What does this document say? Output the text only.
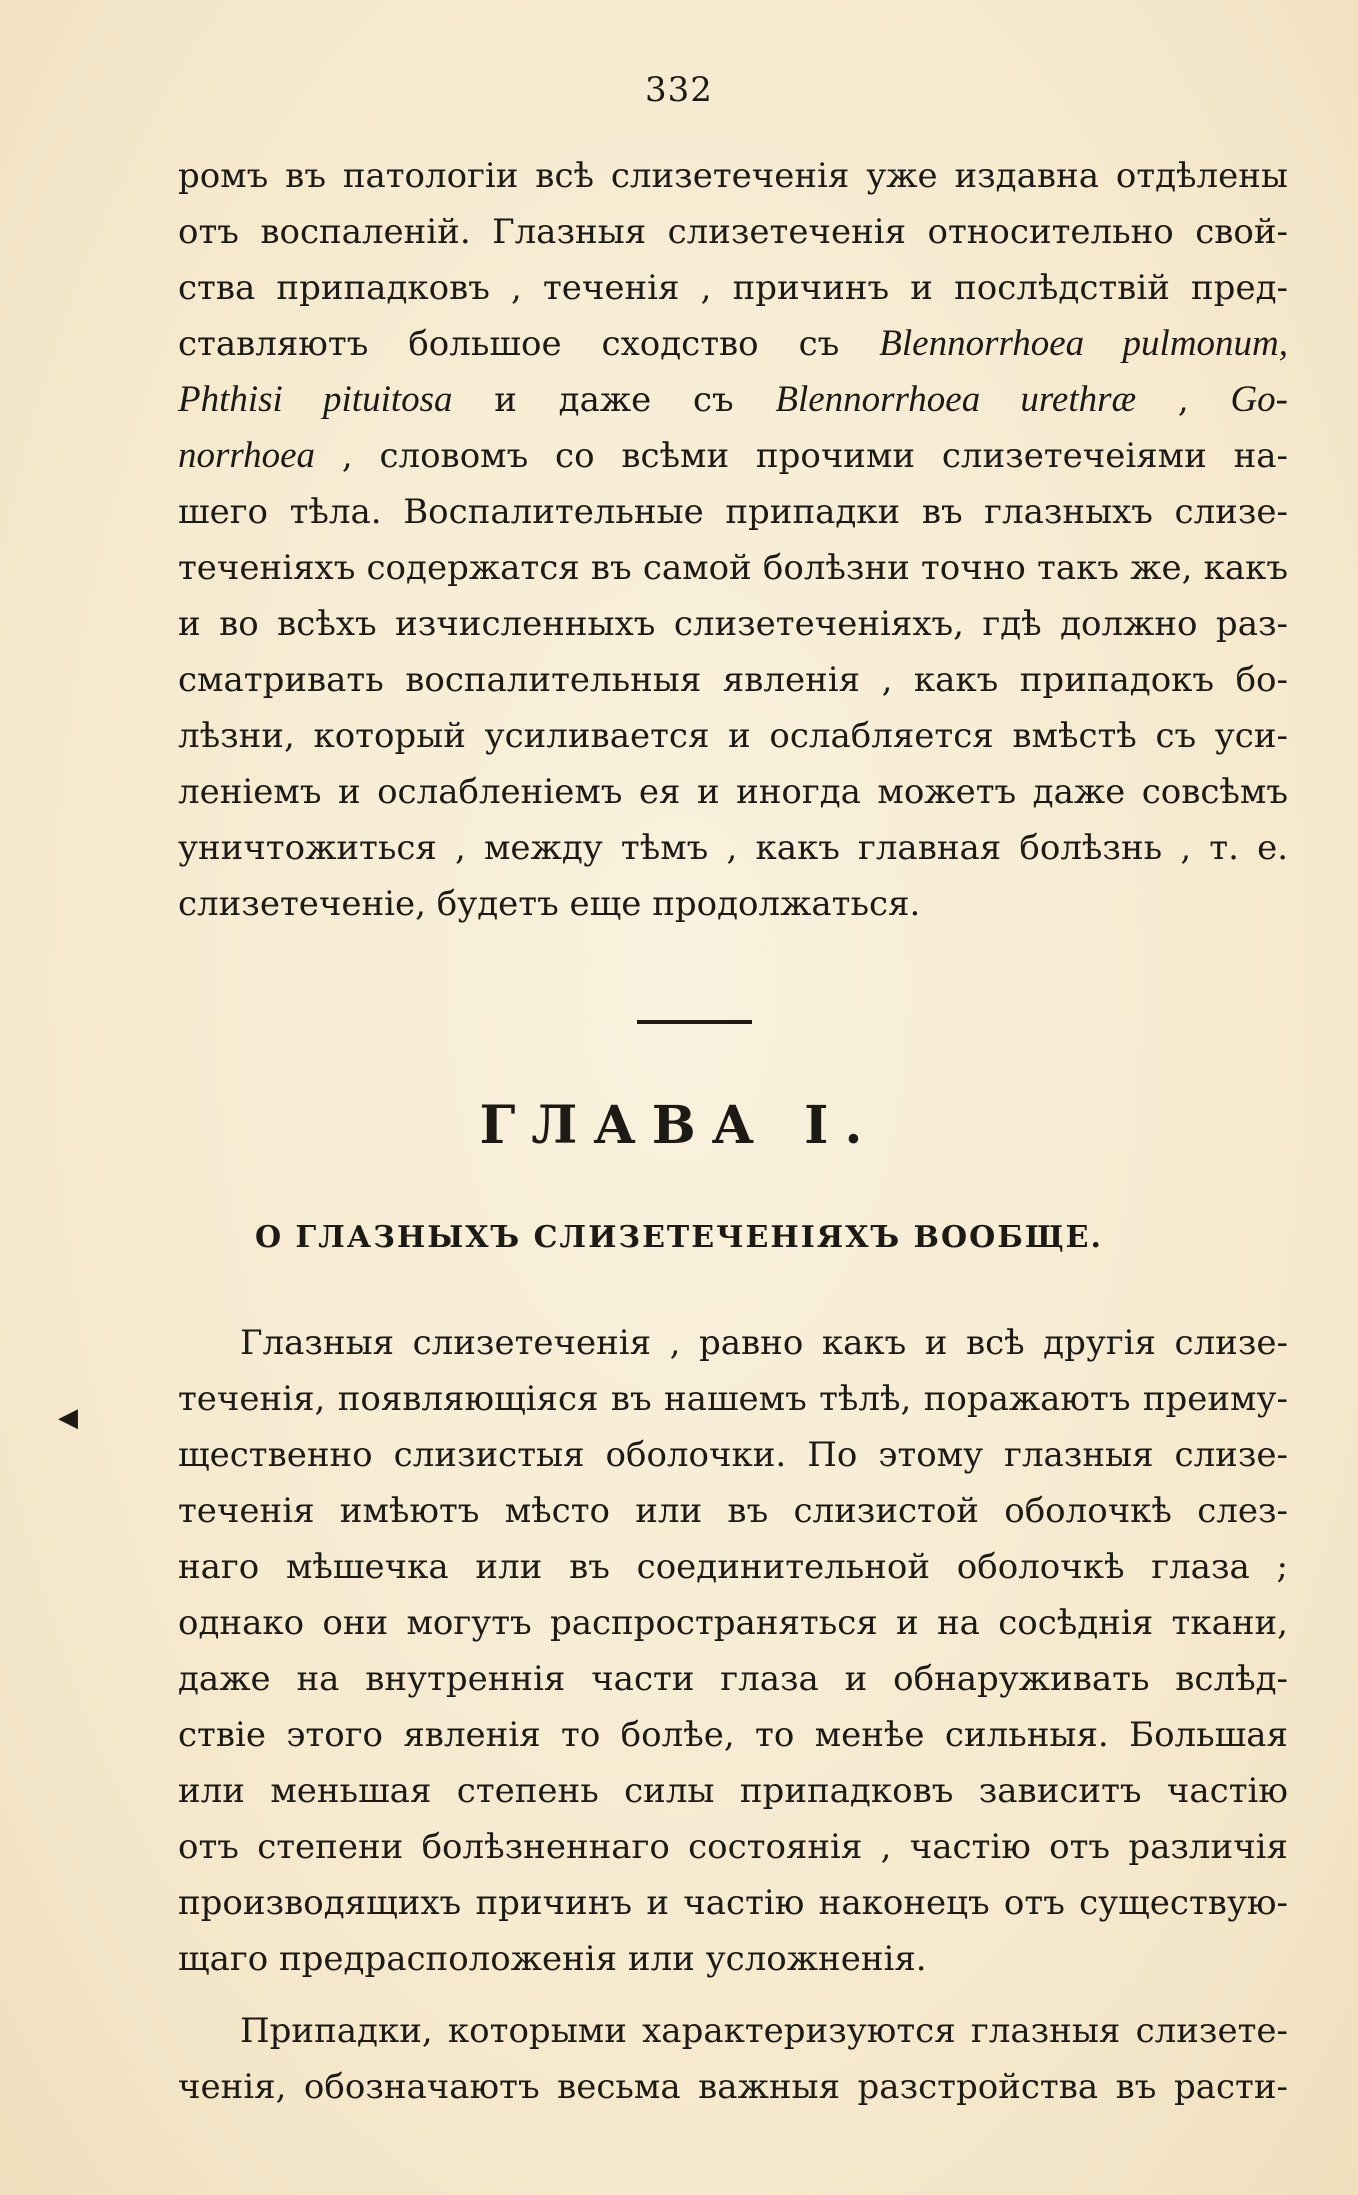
332
ромъ въ патологіи всѣ слизетеченія уже издавна отдѣлены
отъ воспаленій. Глазныя слизетеченія относительно свой-
ства припадковъ , теченія , причинъ и послѣдствій пред-
ставляютъ большое сходство съ Blennorrhoea pulmonum,
Phthisi pituitosa и даже съ Blennorrhoea urethræ , Go-
norrhoea , словомъ со всѣми прочими слизетечеіями на-
шего тѣла. Воспалительные припадки въ глазныхъ слизе-
теченіяхъ содержатся въ самой болѣзни точно такъ же, какъ
и во всѣхъ изчисленныхъ слизетеченіяхъ, гдѣ должно раз-
сматривать воспалительныя явленія , какъ припадокъ бо-
лѣзни, который усиливается и ослабляется вмѣстѣ съ уси-
леніемъ и ослабленіемъ ея и иногда можетъ даже совсѣмъ
уничтожиться , между тѣмъ , какъ главная болѣзнь , т. е.
слизетеченіе, будетъ еще продолжаться.
ГЛАВА I.
О ГЛАЗНЫХЪ СЛИЗЕТЕЧЕНІЯХЪ ВООБЩЕ.
◀
Глазныя слизетеченія , равно какъ и всѣ другія слизе-
теченія, появляющіяся въ нашемъ тѣлѣ, поражаютъ преиму-
щественно слизистыя оболочки. По этому глазныя слизе-
теченія имѣютъ мѣсто или въ слизистой оболочкѣ слез-
наго мѣшечка или въ соединительной оболочкѣ глаза ;
однако они могутъ распространяться и на сосѣднія ткани,
даже на внутреннія части глаза и обнаруживать вслѣд-
ствіе этого явленія то болѣе, то менѣе сильныя. Большая
или меньшая степень силы припадковъ зависитъ частію
отъ степени болѣзненнаго состоянія , частію отъ различія
производящихъ причинъ и частію наконецъ отъ существую-
щаго предрасположенія или усложненія.
Припадки, которыми характеризуются глазныя слизете-
ченія, обозначаютъ весьма важныя разстройства въ расти-
